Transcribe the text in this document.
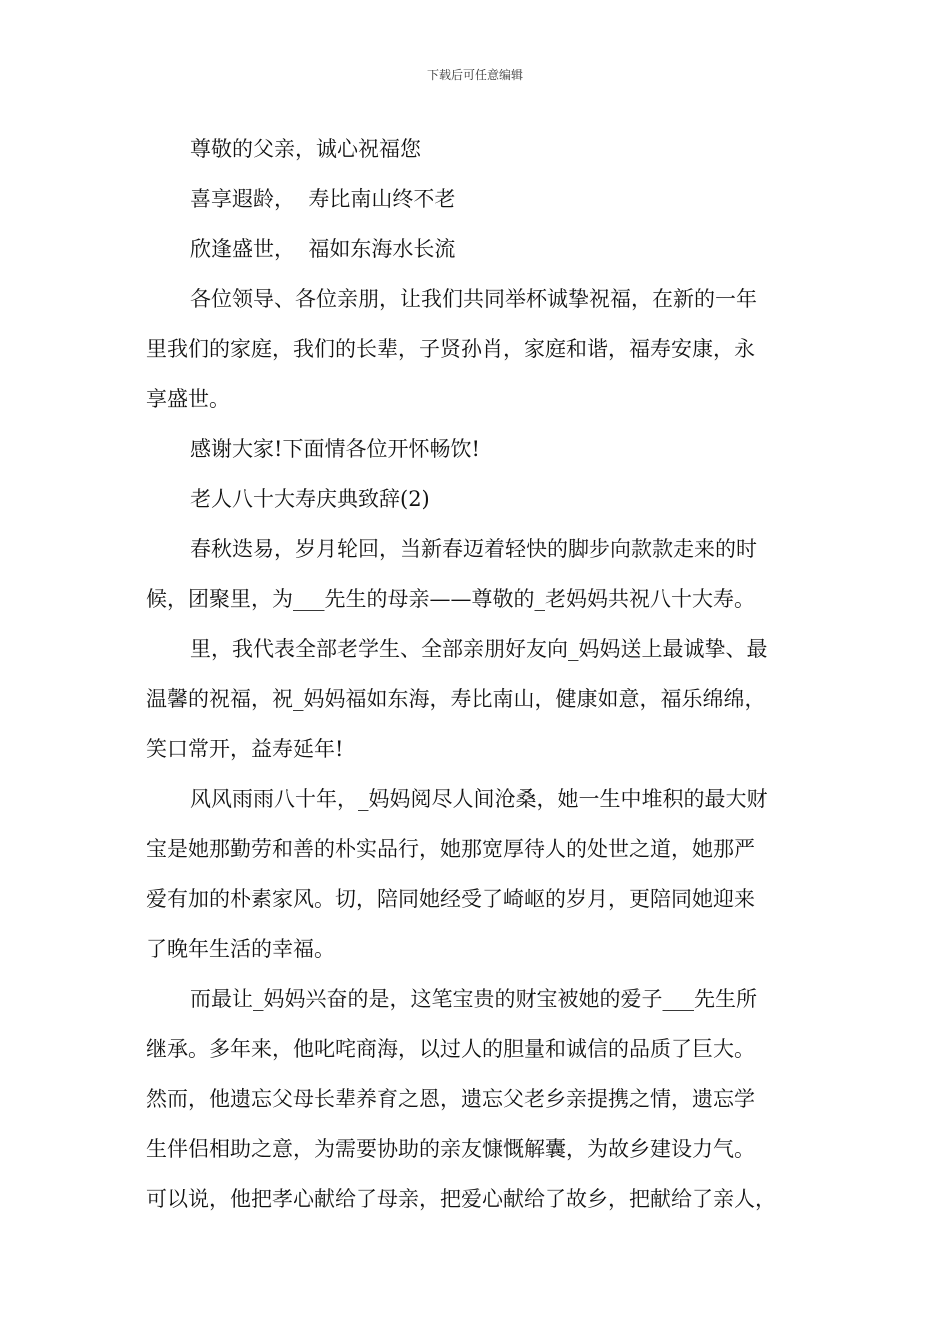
下载后可任意编辑
尊敬的父亲，诚心祝福您
喜享遐龄，  寿比南山终不老
欣逢盛世，  福如东海水长流
各位领导、各位亲朋，让我们共同举杯诚挚祝福，在新的一年
里我们的家庭，我们的长辈，子贤孙肖，家庭和谐，福寿安康，永
享盛世。
感谢大家!下面情各位开怀畅饮!
老人八十大寿庆典致辞(2)
春秋迭易，岁月轮回，当新春迈着轻快的脚步向款款走来的时
候，团聚里，为___先生的母亲——尊敬的_老妈妈共祝八十大寿。
里，我代表全部老学生、全部亲朋好友向_妈妈送上最诚挚、最
温馨的祝福，祝_妈妈福如东海，寿比南山，健康如意，福乐绵绵，
笑口常开，益寿延年!
风风雨雨八十年，_妈妈阅尽人间沧桑，她一生中堆积的最大财
宝是她那勤劳和善的朴实品行，她那宽厚待人的处世之道，她那严
爱有加的朴素家风。切，陪同她经受了崎岖的岁月，更陪同她迎来
了晚年生活的幸福。
而最让_妈妈兴奋的是，这笔宝贵的财宝被她的爱子___先生所
继承。多年来，他叱咤商海，以过人的胆量和诚信的品质了巨大。
然而，他遗忘父母长辈养育之恩，遗忘父老乡亲提携之情，遗忘学
生伴侣相助之意，为需要协助的亲友慷慨解囊，为故乡建设力气。
可以说，他把孝心献给了母亲，把爱心献给了故乡，把献给了亲人，
